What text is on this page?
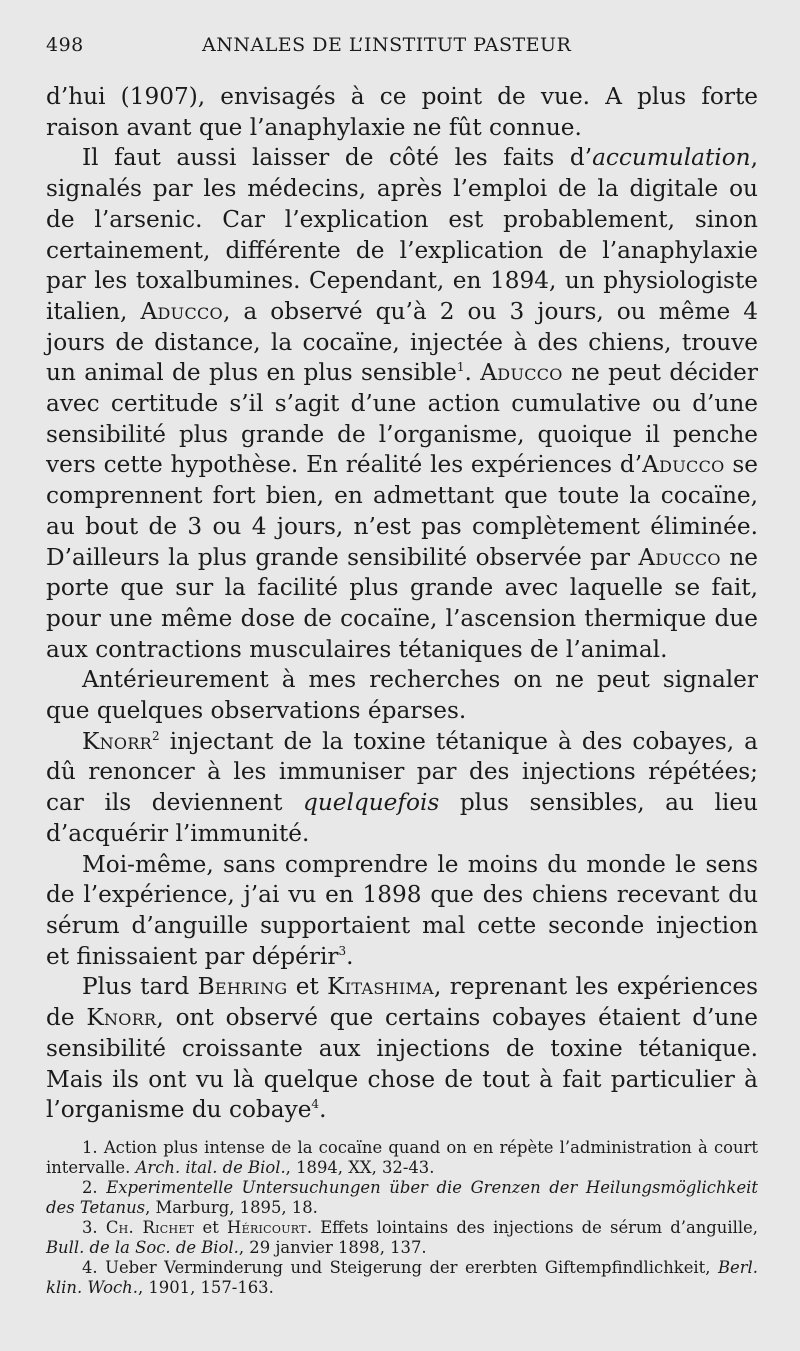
498	ANNALES DE L’INSTITUT PASTEUR

d’hui (1907), envisagés à ce point de vue. A plus forte raison avant que l’anaphylaxie ne fût connue.

Il faut aussi laisser de côté les faits d’accumulation, signalés par les médecins, après l’emploi de la digitale ou de l’arsenic. Car l’explication est probablement, sinon certainement, différente de l’explication de l’anaphylaxie par les toxalbumines. Cependant, en 1894, un physiologiste italien, Aducco, a observé qu’à 2 ou 3 jours, ou même 4 jours de distance, la cocaïne, injectée à des chiens, trouve un animal de plus en plus sensible$^1$. Aducco ne peut décider avec certitude s’il s’agit d’une action cumulative ou d’une sensibilité plus grande de l’organisme, quoique il penche vers cette hypothèse. En réalité les expériences d’Aducco se comprennent fort bien, en admettant que toute la cocaïne, au bout de 3 ou 4 jours, n’est pas complètement éliminée. D’ailleurs la plus grande sensibilité observée par Aducco ne porte que sur la facilité plus grande avec laquelle se fait, pour une même dose de cocaïne, l’ascension thermique due aux contractions musculaires tétaniques de l’animal.

Antérieurement à mes recherches on ne peut signaler que quelques observations éparses.

Knorr$^2$ injectant de la toxine tétanique à des cobayes, a dû renoncer à les immuniser par des injections répétées; car ils deviennent quelquefois plus sensibles, au lieu d’acquérir l’immunité.

Moi-même, sans comprendre le moins du monde le sens de l’expérience, j’ai vu en 1898 que des chiens recevant du sérum d’anguille supportaient mal cette seconde injection et finissaient par dépérir$^3$.

Plus tard Behring et Kitashima, reprenant les expériences de Knorr, ont observé que certains cobayes étaient d’une sensibilité croissante aux injections de toxine tétanique. Mais ils ont vu là quelque chose de tout à fait particulier à l’organisme du cobaye$^4$.

1. Action plus intense de la cocaïne quand on en répète l’administration à court intervalle. Arch. ital. de Biol., 1894, XX, 32-43.

2. Experimentelle Untersuchungen über die Grenzen der Heilungsmöglichkeit des Tetanus, Marburg, 1895, 18.

3. Ch. Richet et Héricourt. Effets lointains des injections de sérum d’anguille, Bull. de la Soc. de Biol., 29 janvier 1898, 137.

4. Ueber Verminderung und Steigerung der ererbten Giftempfindlichkeit, Berl. klin. Woch., 1901, 157-163.
